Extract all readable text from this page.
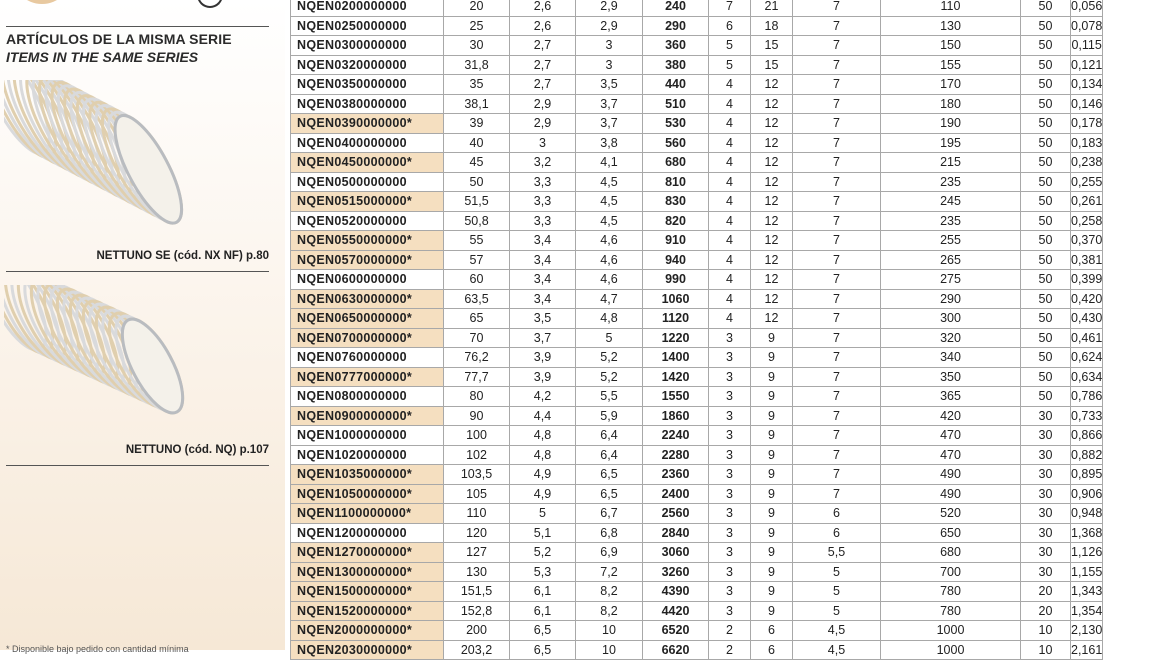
ARTÍCULOS DE LA MISMA SERIE
ITEMS IN THE SAME SERIES
NETTUNO SE (cód. NX NF) p.80
NETTUNO (cód. NQ) p.107
* Disponible bajo pedido con cantidad mínima
NQEN0200000000	20	2,6	2,9	240	7	21	7	110	50	0,056
NQEN0250000000	25	2,6	2,9	290	6	18	7	130	50	0,078
NQEN0300000000	30	2,7	3	360	5	15	7	150	50	0,115
NQEN0320000000	31,8	2,7	3	380	5	15	7	155	50	0,121
NQEN0350000000	35	2,7	3,5	440	4	12	7	170	50	0,134
NQEN0380000000	38,1	2,9	3,7	510	4	12	7	180	50	0,146
NQEN0390000000*	39	2,9	3,7	530	4	12	7	190	50	0,178
NQEN0400000000	40	3	3,8	560	4	12	7	195	50	0,183
NQEN0450000000*	45	3,2	4,1	680	4	12	7	215	50	0,238
NQEN0500000000	50	3,3	4,5	810	4	12	7	235	50	0,255
NQEN0515000000*	51,5	3,3	4,5	830	4	12	7	245	50	0,261
NQEN0520000000	50,8	3,3	4,5	820	4	12	7	235	50	0,258
NQEN0550000000*	55	3,4	4,6	910	4	12	7	255	50	0,370
NQEN0570000000*	57	3,4	4,6	940	4	12	7	265	50	0,381
NQEN0600000000	60	3,4	4,6	990	4	12	7	275	50	0,399
NQEN0630000000*	63,5	3,4	4,7	1060	4	12	7	290	50	0,420
NQEN0650000000*	65	3,5	4,8	1120	4	12	7	300	50	0,430
NQEN0700000000*	70	3,7	5	1220	3	9	7	320	50	0,461
NQEN0760000000	76,2	3,9	5,2	1400	3	9	7	340	50	0,624
NQEN0777000000*	77,7	3,9	5,2	1420	3	9	7	350	50	0,634
NQEN0800000000	80	4,2	5,5	1550	3	9	7	365	50	0,786
NQEN0900000000*	90	4,4	5,9	1860	3	9	7	420	30	0,733
NQEN1000000000	100	4,8	6,4	2240	3	9	7	470	30	0,866
NQEN1020000000	102	4,8	6,4	2280	3	9	7	470	30	0,882
NQEN1035000000*	103,5	4,9	6,5	2360	3	9	7	490	30	0,895
NQEN1050000000*	105	4,9	6,5	2400	3	9	7	490	30	0,906
NQEN1100000000*	110	5	6,7	2560	3	9	6	520	30	0,948
NQEN1200000000	120	5,1	6,8	2840	3	9	6	650	30	1,368
NQEN1270000000*	127	5,2	6,9	3060	3	9	5,5	680	30	1,126
NQEN1300000000*	130	5,3	7,2	3260	3	9	5	700	30	1,155
NQEN1500000000*	151,5	6,1	8,2	4390	3	9	5	780	20	1,343
NQEN1520000000*	152,8	6,1	8,2	4420	3	9	5	780	20	1,354
NQEN2000000000*	200	6,5	10	6520	2	6	4,5	1000	10	2,130
NQEN2030000000*	203,2	6,5	10	6620	2	6	4,5	1000	10	2,161
